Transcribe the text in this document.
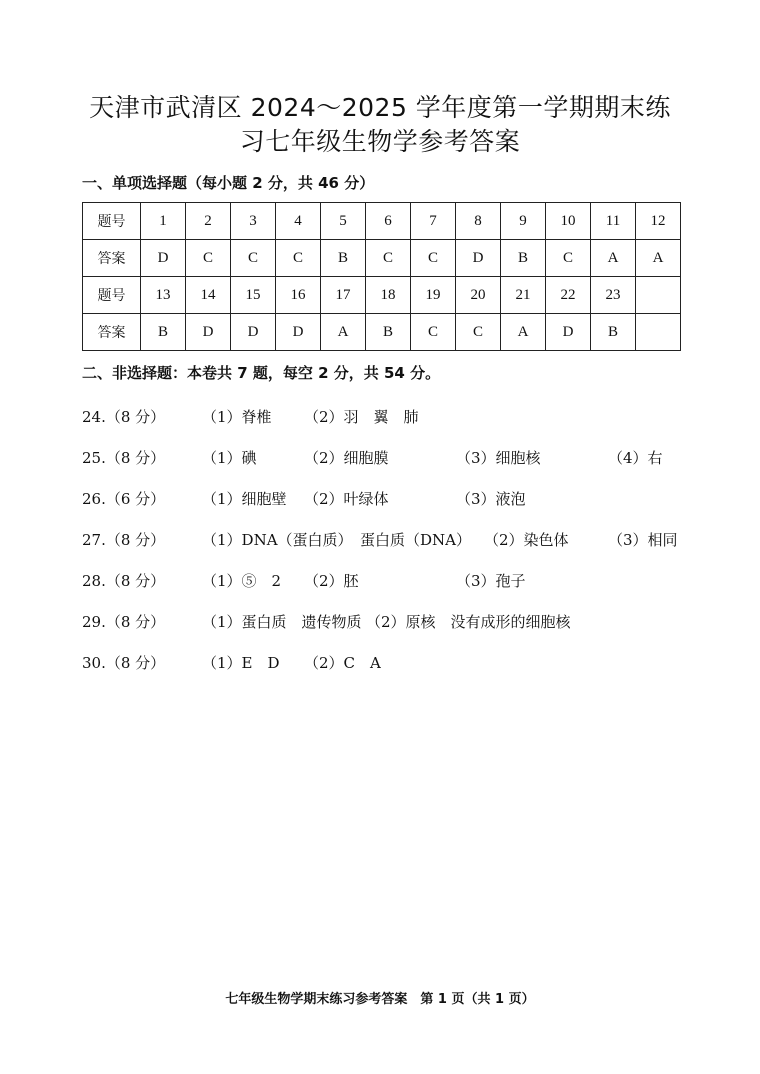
天津市武清区 2024～2025 学年度第一学期期末练
习七年级生物学参考答案
一、单项选择题（每小题 2 分，共 46 分）
题号	1	2	3	4	5	6	7	8	9	10	11	12
答案	D	C	C	C	B	C	C	D	B	C	A	A
题号	13	14	15	16	17	18	19	20	21	22	23	
答案	B	D	D	D	A	B	C	C	A	D	B	
二、非选择题：本卷共 7 题，每空 2 分，共 54 分。
24.（8 分） （1）脊椎 （2）羽　翼　肺
25.（8 分） （1）碘	（2）细胞膜	（3）细胞核	（4）右
26.（6 分） （1）细胞壁 （2）叶绿体	（3）液泡
27.（8 分） （1）DNA（蛋白质）　蛋白质（DNA） （2）染色体	（3）相同
28.（8 分） （1）⑤　2 （2）胚	（3）孢子
29.（8 分） （1）蛋白质　遗传物质 （2）原核　没有成形的细胞核
30.（8 分） （1）E　D （2）C　A
七年级生物学期末练习参考答案　第 1 页（共 1 页）
